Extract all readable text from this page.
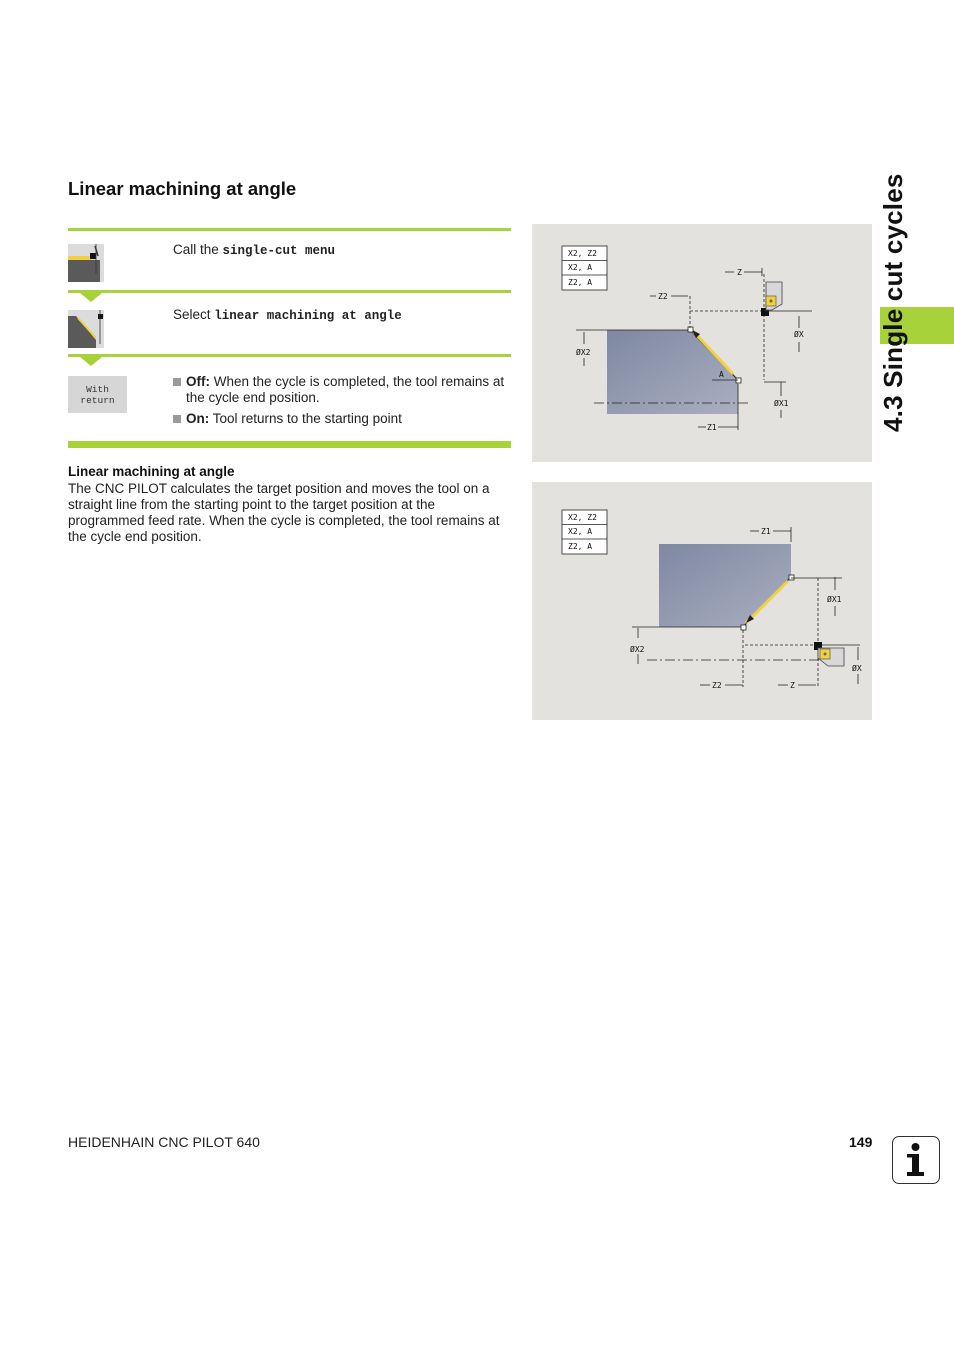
Linear machining at angle
Call the single-cut menu
Select linear machining at angle
With
return
Off: When the cycle is completed, the tool remains at the cycle end position.
On: Tool returns to the starting point
Linear machining at angle
The CNC PILOT calculates the target position and moves the tool on a straight line from the starting point to the target position at the programmed feed rate. When the cycle is completed, the tool remains at the cycle end position.
X2, Z2
X2, A
Z2, A
A
Z
Z2
ØX
ØX2
ØX1
Z1
X2, Z2
X2, A
Z2, A
Z1
ØX1
ØX2
ØX
Z2	Z
4.3 Single cut cycles
HEIDENHAIN CNC PILOT 640	149
